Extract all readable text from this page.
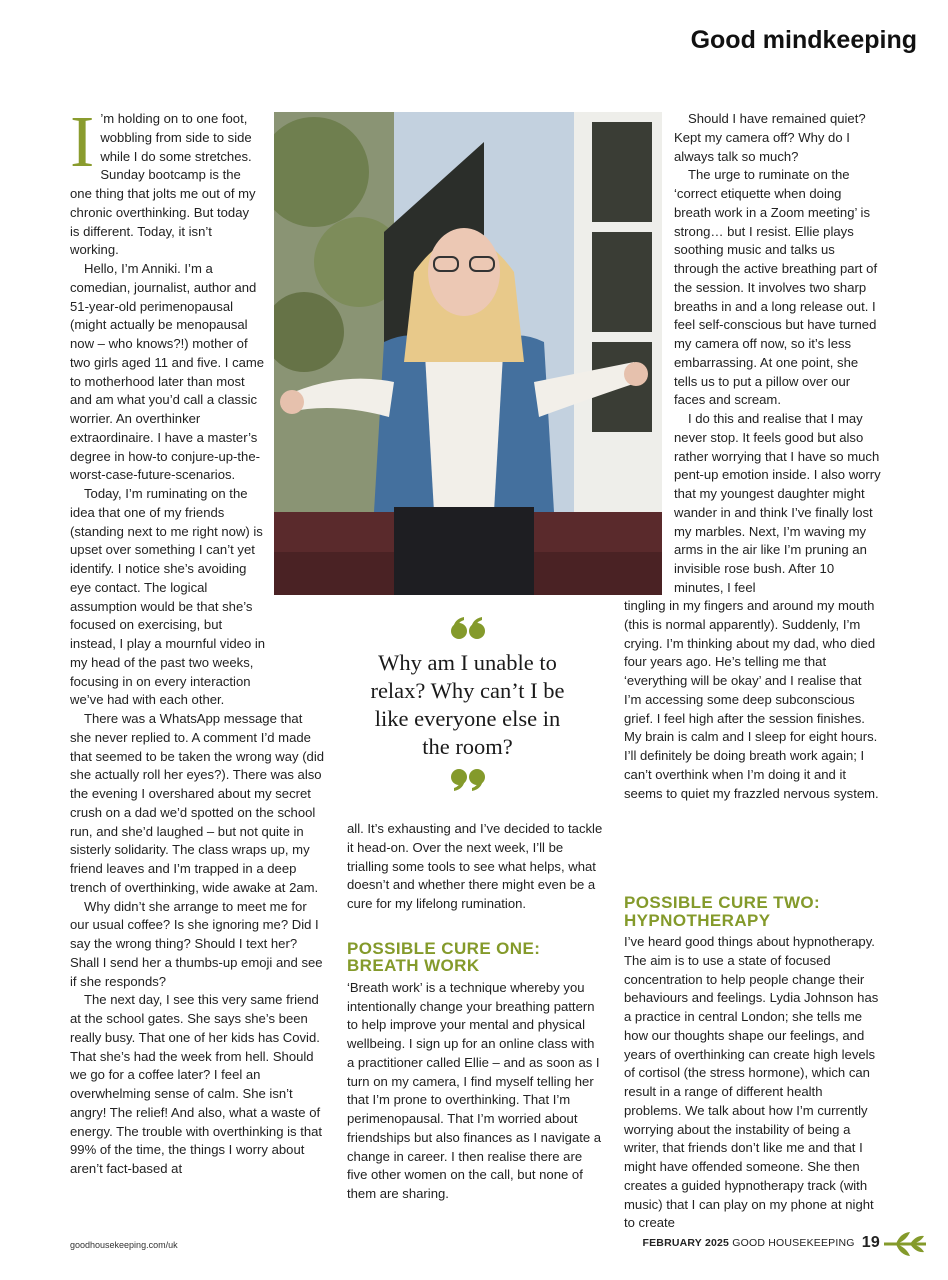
Good mindkeeping

I ’m holding on to one foot, wobbling from side to side while I do some stretches. Sunday bootcamp is the one thing that jolts me out of my chronic overthinking. But today is different. Today, it isn’t working.

Hello, I’m Anniki. I’m a comedian, journalist, author and 51-year-old perimenopausal (might actually be menopausal now – who knows?!) mother of two girls aged 11 and five. I came to motherhood later than most and am what you’d call a classic worrier. An overthinker extraordinaire. I have a master’s degree in how-to conjure-up-the-worst-case-future-scenarios.

Today, I’m ruminating on the idea that one of my friends (standing next to me right now) is upset over something I can’t yet identify. I notice she’s avoiding eye contact. The logical assumption would be that she’s focused on exercising, but instead, I play a mournful video in my head of the past two weeks, focusing in on every interaction we’ve had with each other.

There was a WhatsApp message that she never replied to. A comment I’d made that seemed to be taken the wrong way (did she actually roll her eyes?). There was also the evening I overshared about my secret crush on a dad we’d spotted on the school run, and she’d laughed – but not quite in sisterly solidarity. The class wraps up, my friend leaves and I’m trapped in a deep trench of overthinking, wide awake at 2am.

Why didn’t she arrange to meet me for our usual coffee? Is she ignoring me? Did I say the wrong thing? Should I text her? Shall I send her a thumbs-up emoji and see if she responds?

The next day, I see this very same friend at the school gates. She says she’s been really busy. That one of her kids has Covid. That she’s had the week from hell. Should we go for a coffee later? I feel an overwhelming sense of calm. She isn’t angry! The relief! And also, what a waste of energy. The trouble with overthinking is that 99% of the time, the things I worry about aren’t fact-based at

Why am I unable to relax? Why can’t I be like everyone else in the room?

all. It’s exhausting and I’ve decided to tackle it head-on. Over the next week, I’ll be trialling some tools to see what helps, what doesn’t and whether there might even be a cure for my lifelong rumination.

POSSIBLE CURE ONE: BREATH WORK

‘Breath work’ is a technique whereby you intentionally change your breathing pattern to help improve your mental and physical wellbeing. I sign up for an online class with a practitioner called Ellie – and as soon as I turn on my camera, I find myself telling her that I’m prone to overthinking. That I’m perimenopausal. That I’m worried about friendships but also finances as I navigate a change in career. I then realise there are five other women on the call, but none of them are sharing.

Should I have remained quiet? Kept my camera off? Why do I always talk so much?

The urge to ruminate on the ‘correct etiquette when doing breath work in a Zoom meeting’ is strong… but I resist. Ellie plays soothing music and talks us through the active breathing part of the session. It involves two sharp breaths in and a long release out. I feel self-conscious but have turned my camera off now, so it’s less embarrassing. At one point, she tells us to put a pillow over our faces and scream.

I do this and realise that I may never stop. It feels good but also rather worrying that I have so much pent-up emotion inside. I also worry that my youngest daughter might wander in and think I’ve finally lost my marbles. Next, I’m waving my arms in the air like I’m pruning an invisible rose bush. After 10 minutes, I feel

tingling in my fingers and around my mouth (this is normal apparently). Suddenly, I’m crying. I’m thinking about my dad, who died four years ago. He’s telling me that ‘everything will be okay’ and I realise that I’m accessing some deep subconscious grief. I feel high after the session finishes. My brain is calm and I sleep for eight hours. I’ll definitely be doing breath work again; I can’t overthink when I’m doing it and it seems to quiet my frazzled nervous system.

POSSIBLE CURE TWO: HYPNOTHERAPY

I’ve heard good things about hypnotherapy. The aim is to use a state of focused concentration to help people change their behaviours and feelings. Lydia Johnson has a practice in central London; she tells me how our thoughts shape our feelings, and years of overthinking can create high levels of cortisol (the stress hormone), which can result in a range of different health problems. We talk about how I’m currently worrying about the instability of being a writer, that friends don’t like me and that I might have offended someone. She then creates a guided hypnotherapy track (with music) that I can play on my phone at night to create

goodhousekeeping.com/uk	FEBRUARY 2025 GOOD HOUSEKEEPING 19
